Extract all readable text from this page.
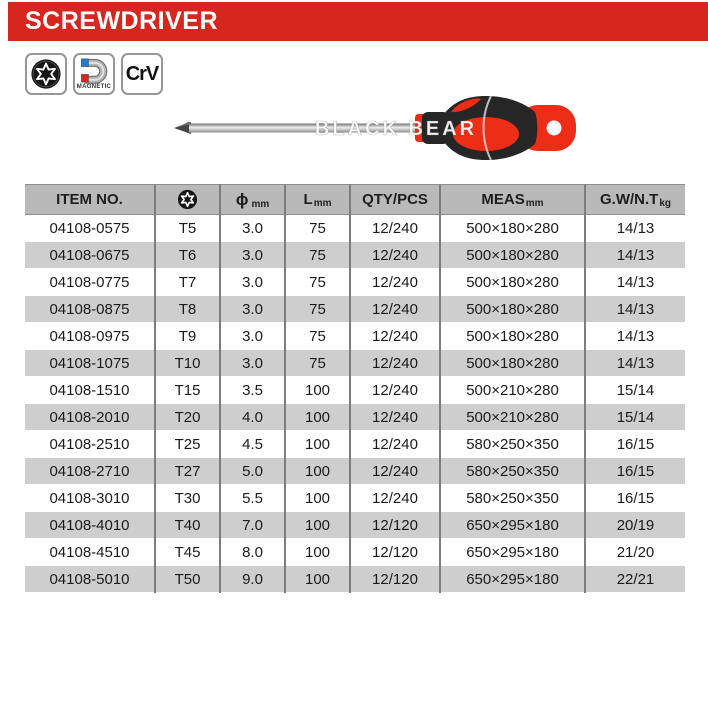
SCREWDRIVER
MAGNETIC
CrV
BLACK BEAR
ITEM NO.		ϕ mm	Lmm	QTY/PCS	MEASmm	G.W/N.Tkg
04108-0575	T5	3.0	75	12/240	500×180×280	14/13
04108-0675	T6	3.0	75	12/240	500×180×280	14/13
04108-0775	T7	3.0	75	12/240	500×180×280	14/13
04108-0875	T8	3.0	75	12/240	500×180×280	14/13
04108-0975	T9	3.0	75	12/240	500×180×280	14/13
04108-1075	T10	3.0	75	12/240	500×180×280	14/13
04108-1510	T15	3.5	100	12/240	500×210×280	15/14
04108-2010	T20	4.0	100	12/240	500×210×280	15/14
04108-2510	T25	4.5	100	12/240	580×250×350	16/15
04108-2710	T27	5.0	100	12/240	580×250×350	16/15
04108-3010	T30	5.5	100	12/240	580×250×350	16/15
04108-4010	T40	7.0	100	12/120	650×295×180	20/19
04108-4510	T45	8.0	100	12/120	650×295×180	21/20
04108-5010	T50	9.0	100	12/120	650×295×180	22/21
